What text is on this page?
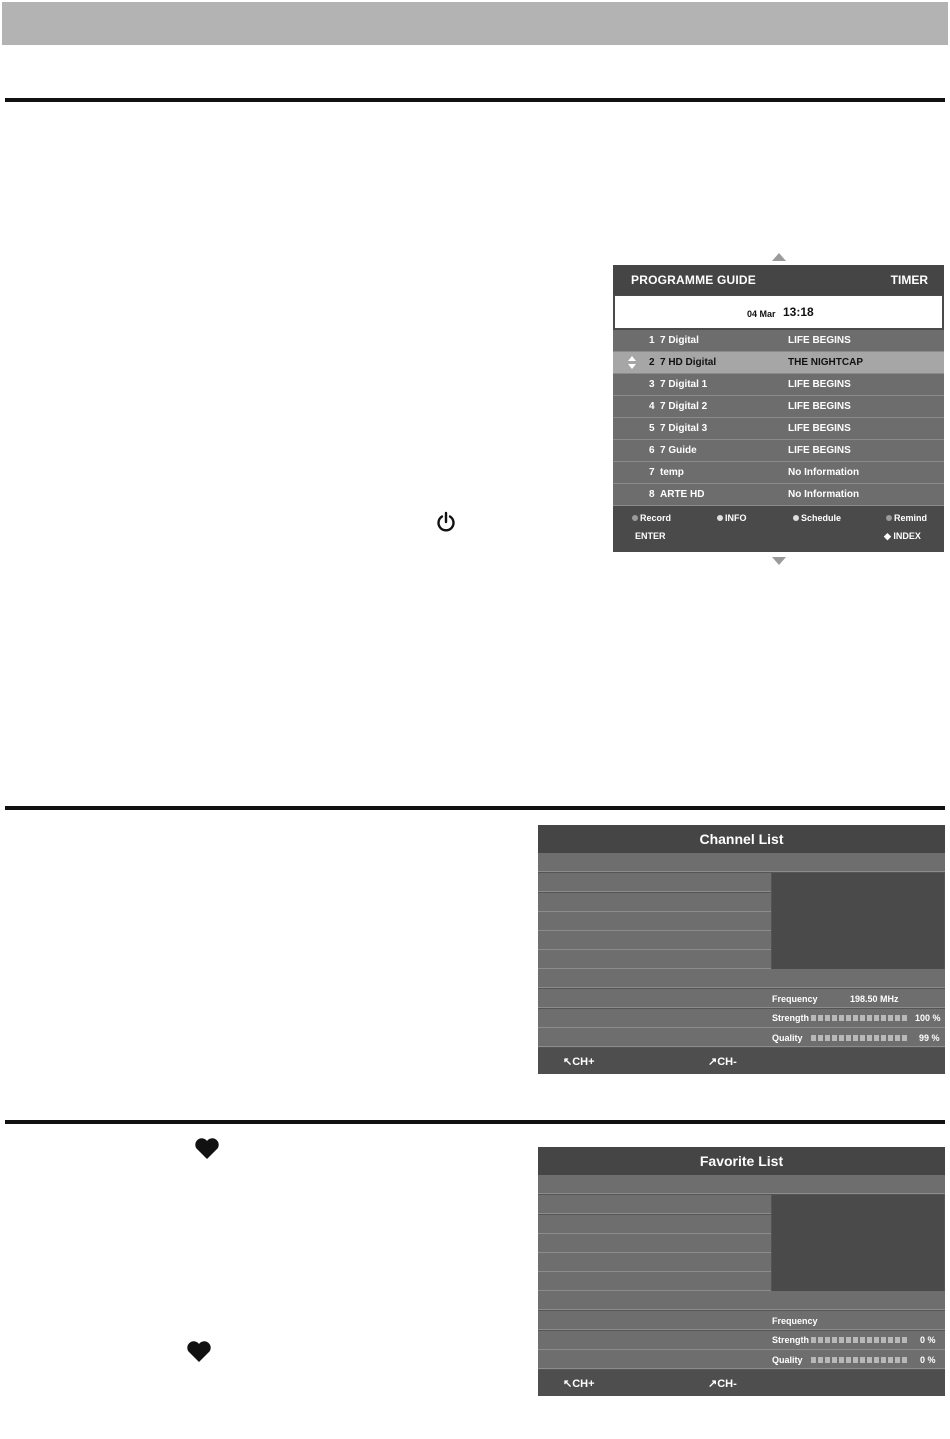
PROGRAMME GUIDE	TIMER
04 Mar 13:18
1 7 Digital	LIFE BEGINS
2 7 HD Digital	THE NIGHTCAP
3 7 Digital 1	LIFE BEGINS
4 7 Digital 2	LIFE BEGINS
5 7 Digital 3	LIFE BEGINS
6 7 Guide	LIFE BEGINS
7 temp	No Information
8 ARTE HD	No Information
Record	INFO	Schedule	Remind
ENTER	◆ INDEX
Channel List
Frequency	198.50 MHz
Strength	100 %
Quality	99 %
↖CH+	↗CH-
Favorite List
Frequency
Strength	0 %
Quality	0 %
↖CH+	↗CH-
